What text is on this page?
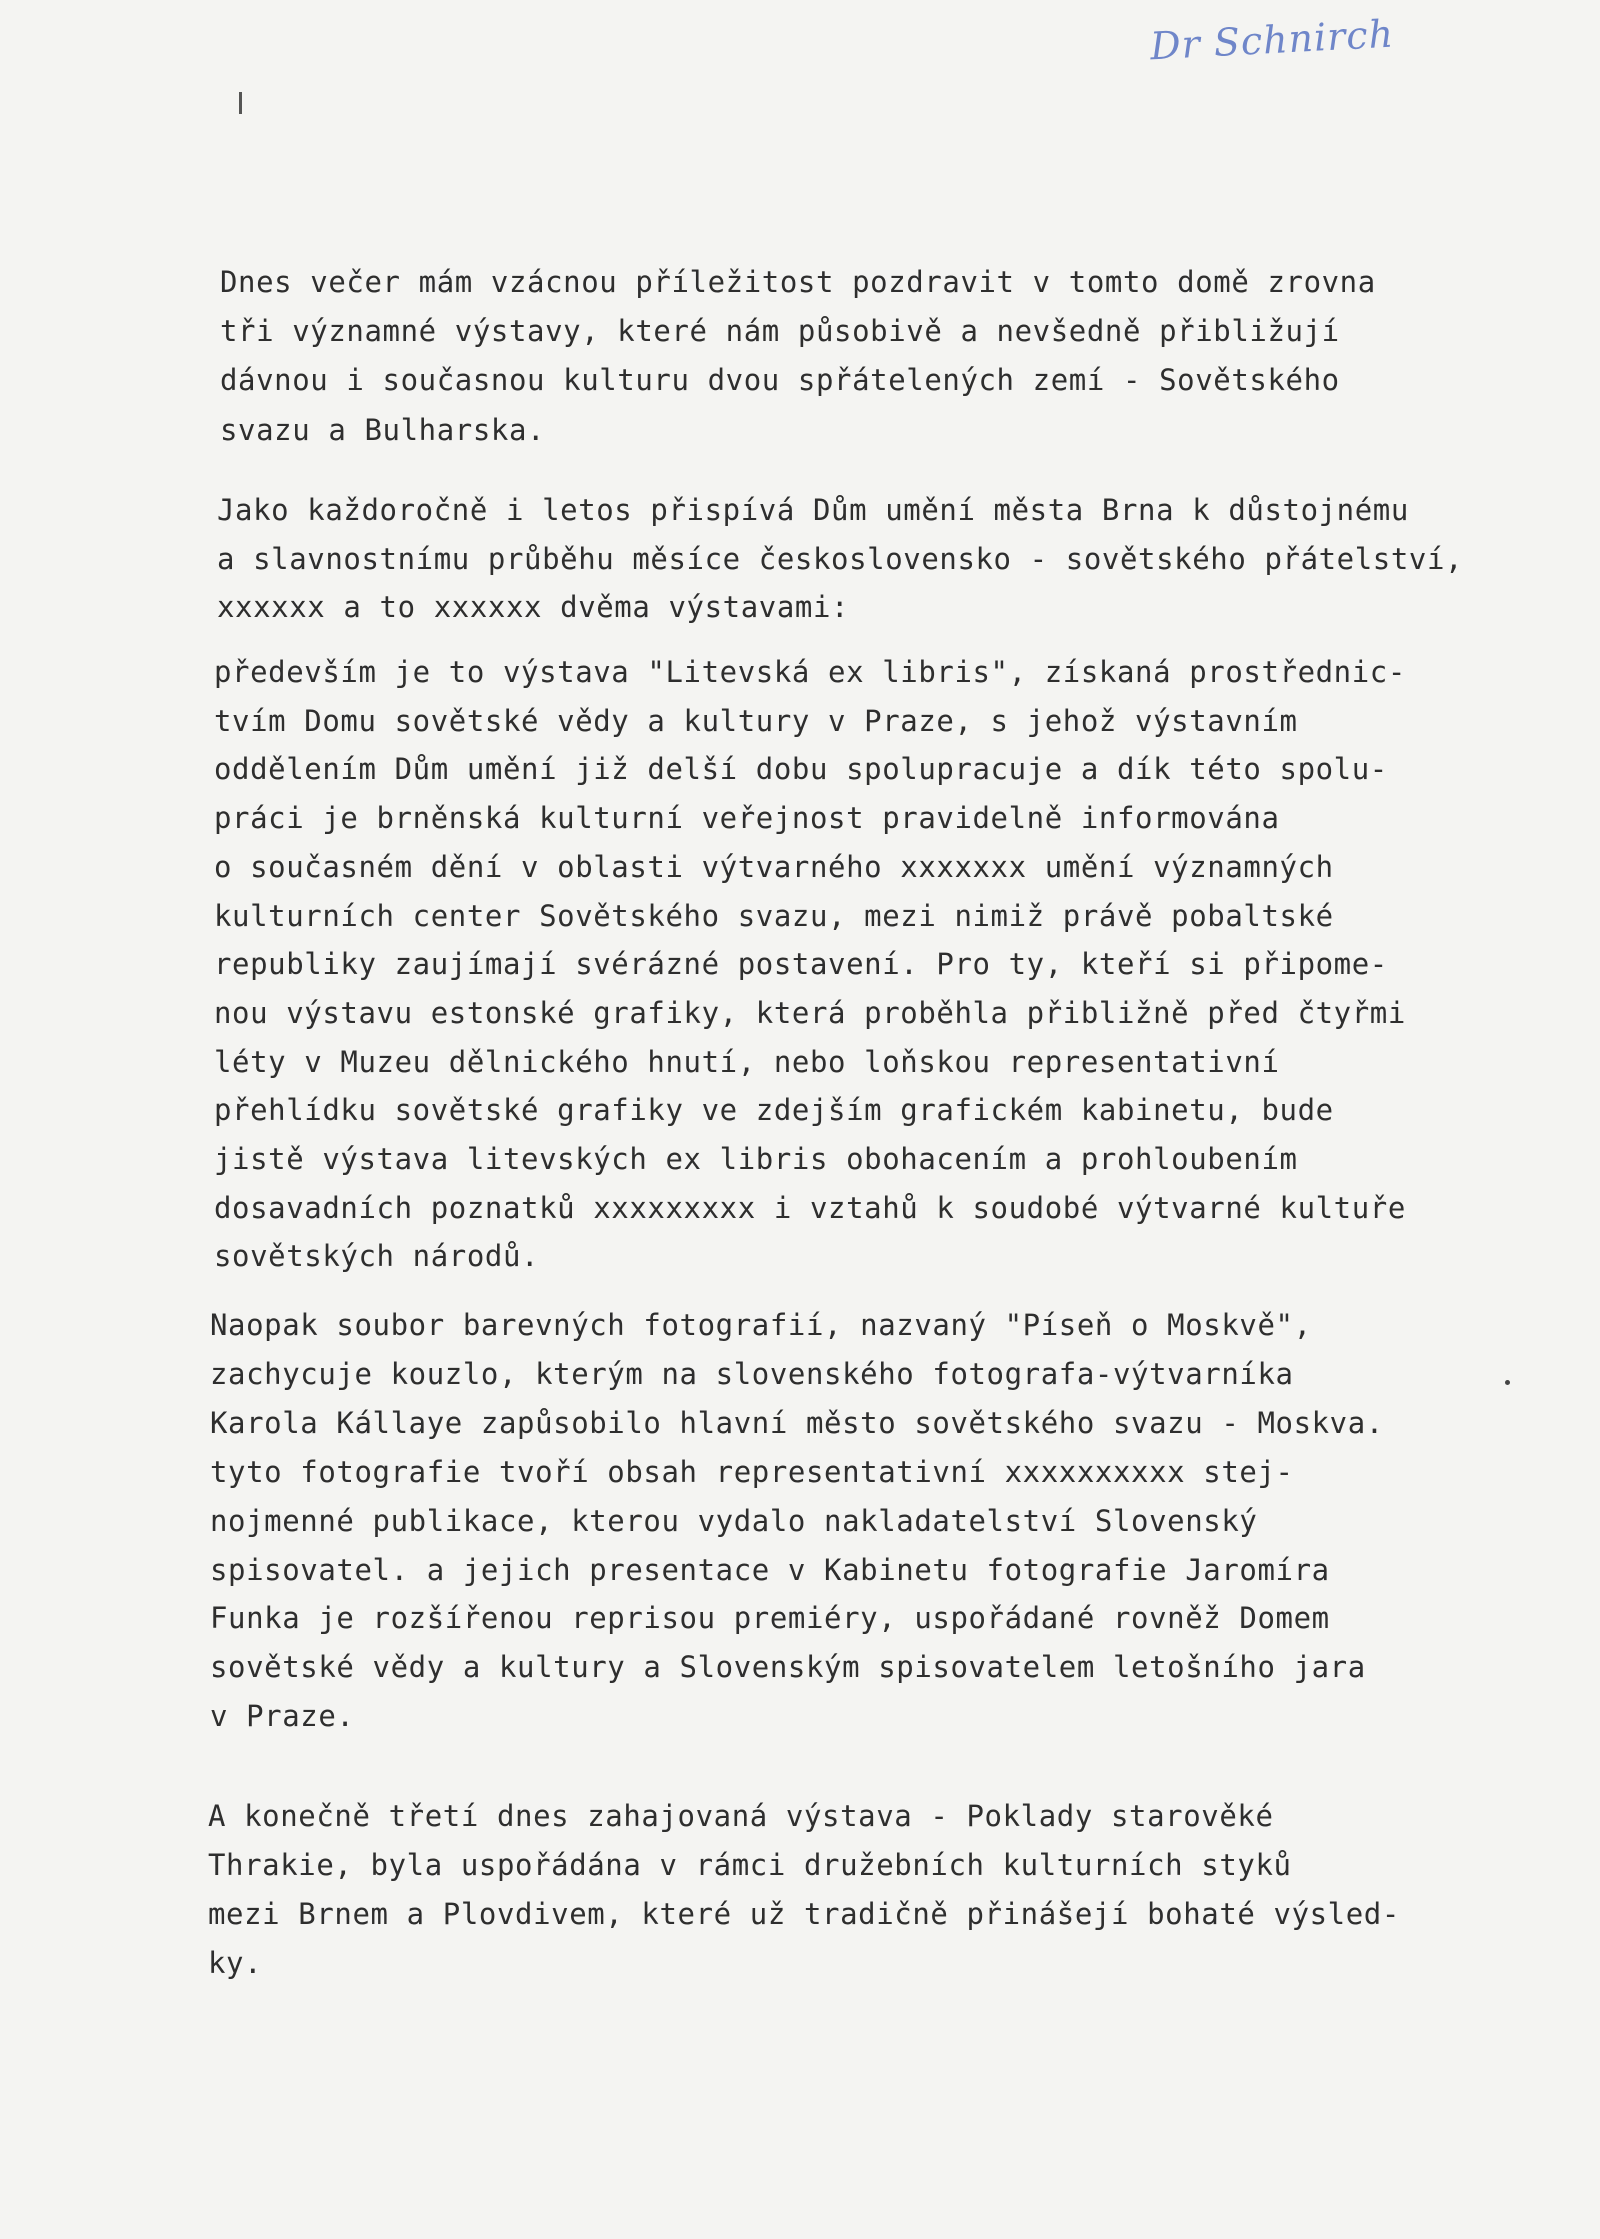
Dr Schnirch
Dnes večer mám vzácnou příležitost pozdravit v tomto domě zrovna
tři významné výstavy, které nám působivě a nevšedně přibližují
dávnou i současnou kulturu dvou spřátelených zemí - Sovětského
svazu a Bulharska.
Jako každoročně i letos přispívá Dům umění města Brna k důstojnému
a slavnostnímu průběhu měsíce československo - sovětského přátelství,
xxxxxx a to xxxxxx dvěma výstavami:
především je to výstava "Litevská ex libris", získaná prostřednic-
tvím Domu sovětské vědy a kultury v Praze, s jehož výstavním
oddělením Dům umění již delší dobu spolupracuje a dík této spolu-
práci je brněnská kulturní veřejnost pravidelně informována
o současném dění v oblasti výtvarného xxxxxxx umění významných
kulturních center Sovětského svazu, mezi nimiž právě pobaltské
republiky zaujímají svérázné postavení. Pro ty, kteří si připome-
nou výstavu estonské grafiky, která proběhla přibližně před čtyřmi
léty v Muzeu dělnického hnutí, nebo loňskou representativní
přehlídku sovětské grafiky ve zdejším grafickém kabinetu, bude
jistě výstava litevských ex libris obohacením a prohloubením
dosavadních poznatků xxxxxxxxx i vztahů k soudobé výtvarné kultuře
sovětských národů.
Naopak soubor barevných fotografií, nazvaný "Píseň o Moskvě",
zachycuje kouzlo, kterým na slovenského fotografa-výtvarníka
Karola Kállaye zapůsobilo hlavní město sovětského svazu - Moskva.
tyto fotografie tvoří obsah representativní xxxxxxxxxx stej-
nojmenné publikace, kterou vydalo nakladatelství Slovenský
spisovatel. a jejich presentace v Kabinetu fotografie Jaromíra
Funka je rozšířenou reprisou premiéry, uspořádané rovněž Domem
sovětské vědy a kultury a Slovenským spisovatelem letošního jara
v Praze.
A konečně třetí dnes zahajovaná výstava - Poklady starověké
Thrakie, byla uspořádána v rámci družebních kulturních styků
mezi Brnem a Plovdivem, které už tradičně přinášejí bohaté výsled-
ky.
